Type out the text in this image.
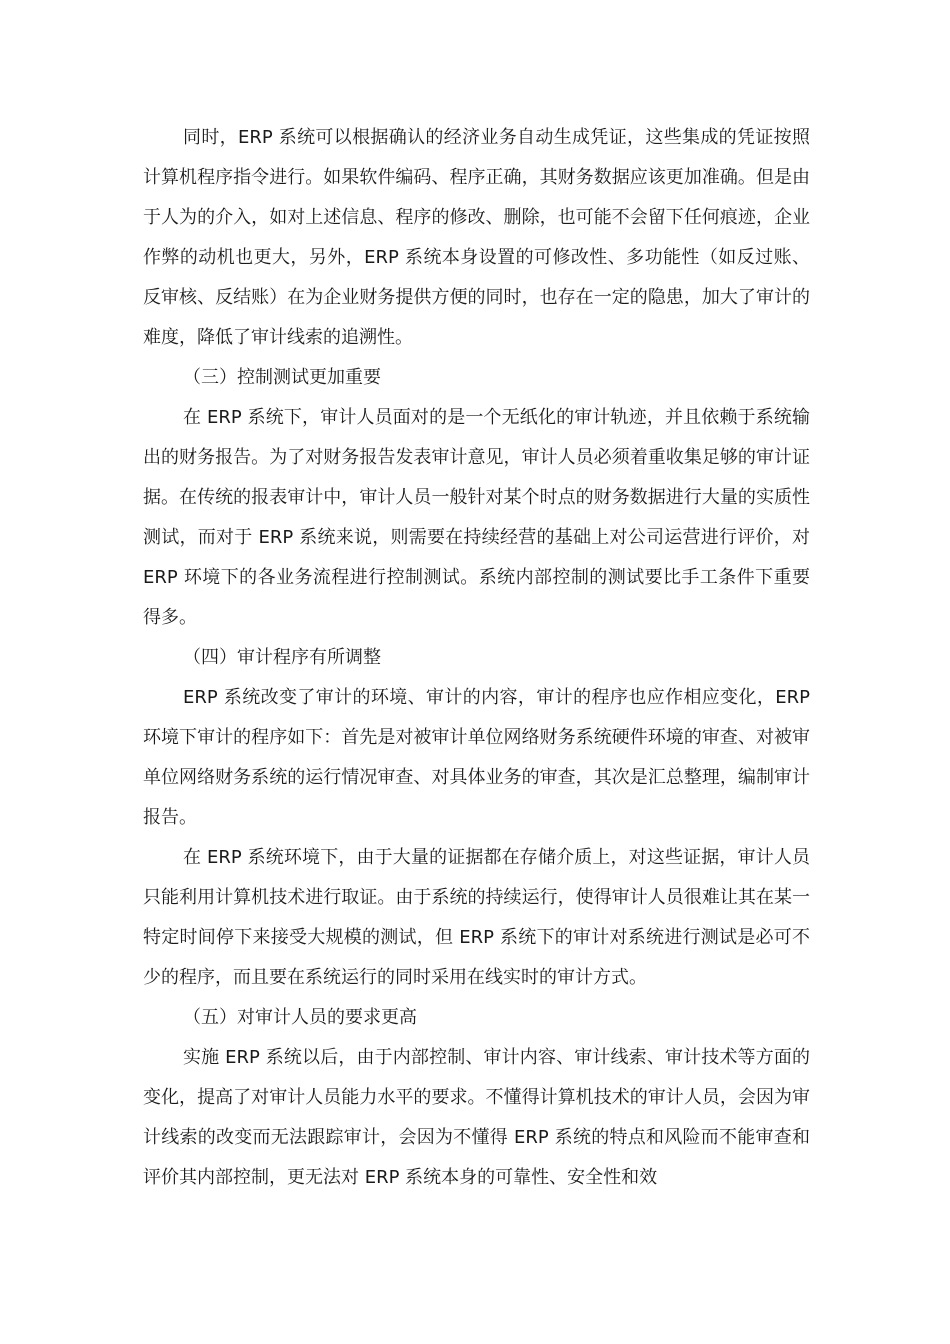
同时，ERP 系统可以根据确认的经济业务自动生成凭证，这些集成的凭证按照计算机程序指令进行。如果软件编码、程序正确，其财务数据应该更加准确。但是由于人为的介入，如对上述信息、程序的修改、删除，也可能不会留下任何痕迹，企业作弊的动机也更大，另外，ERP 系统本身设置的可修改性、多功能性（如反过账、反审核、反结账）在为企业财务提供方便的同时，也存在一定的隐患，加大了审计的难度，降低了审计线索的追溯性。

（三）控制测试更加重要

在 ERP 系统下，审计人员面对的是一个无纸化的审计轨迹，并且依赖于系统输出的财务报告。为了对财务报告发表审计意见，审计人员必须着重收集足够的审计证据。在传统的报表审计中，审计人员一般针对某个时点的财务数据进行大量的实质性测试，而对于 ERP 系统来说，则需要在持续经营的基础上对公司运营进行评价，对 ERP 环境下的各业务流程进行控制测试。系统内部控制的测试要比手工条件下重要得多。

（四）审计程序有所调整

ERP 系统改变了审计的环境、审计的内容，审计的程序也应作相应变化，ERP 环境下审计的程序如下：首先是对被审计单位网络财务系统硬件环境的审查、对被审单位网络财务系统的运行情况审查、对具体业务的审查，其次是汇总整理，编制审计报告。

在 ERP 系统环境下，由于大量的证据都在存储介质上，对这些证据，审计人员只能利用计算机技术进行取证。由于系统的持续运行，使得审计人员很难让其在某一特定时间停下来接受大规模的测试，但 ERP 系统下的审计对系统进行测试是必可不少的程序，而且要在系统运行的同时采用在线实时的审计方式。

（五）对审计人员的要求更高

实施 ERP 系统以后，由于内部控制、审计内容、审计线索、审计技术等方面的变化，提高了对审计人员能力水平的要求。不懂得计算机技术的审计人员，会因为审计线索的改变而无法跟踪审计，会因为不懂得 ERP 系统的特点和风险而不能审查和评价其内部控制，更无法对 ERP 系统本身的可靠性、安全性和效
